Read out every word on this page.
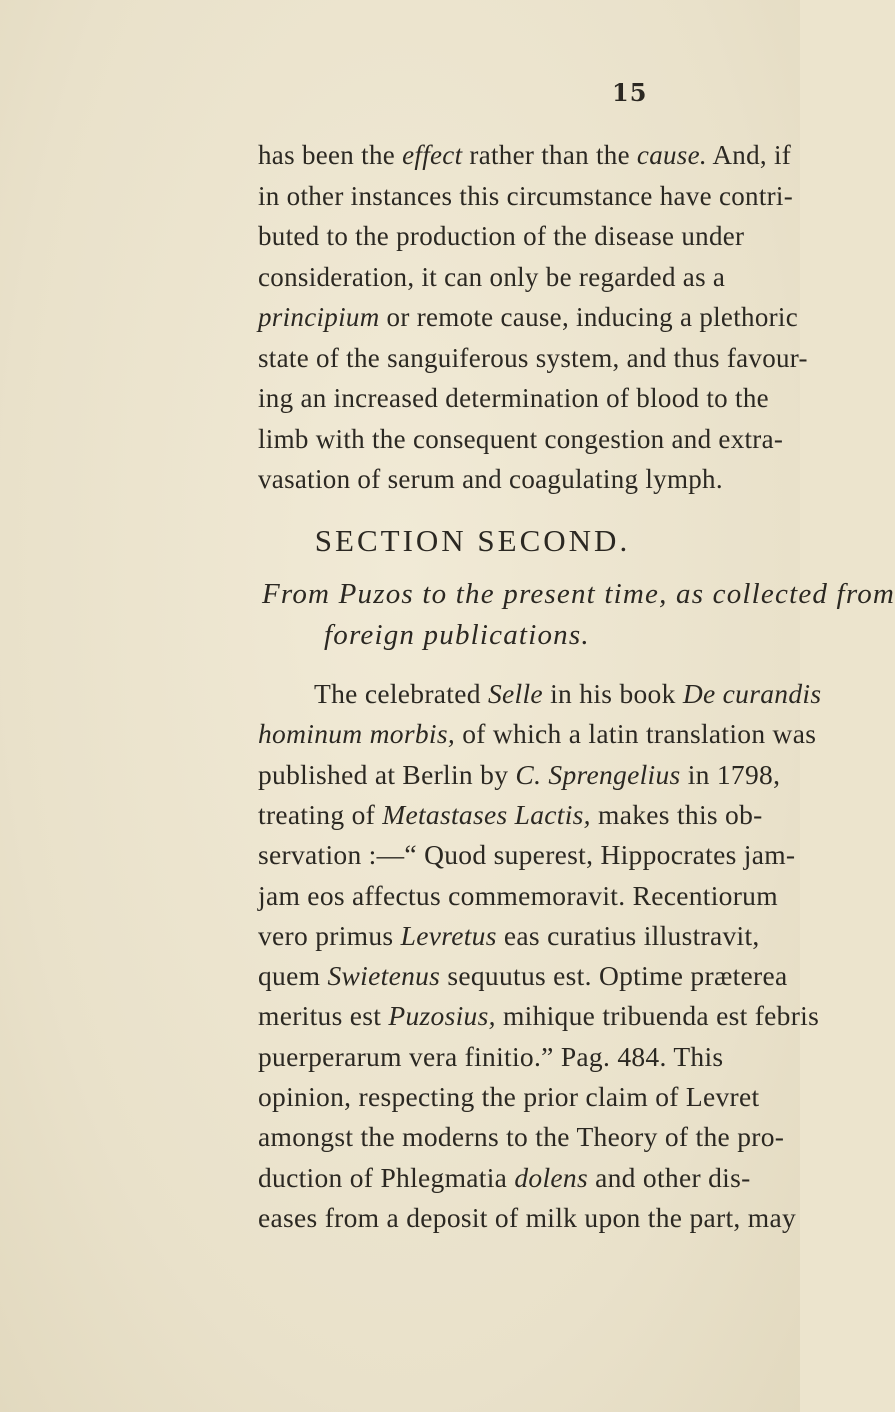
15
has been the effect rather than the cause. And, if
in other instances this circumstance have contri-
buted to the production of the disease under
consideration, it can only be regarded as a
principium or remote cause, inducing a plethoric
state of the sanguiferous system, and thus favour-
ing an increased determination of blood to the
limb with the consequent congestion and extra-
vasation of serum and coagulating lymph.
SECTION SECOND.
From Puzos to the present time, as collected from
foreign publications.
The celebrated Selle in his book De curandis
hominum morbis, of which a latin translation was
published at Berlin by C. Sprengelius in 1798,
treating of Metastases Lactis, makes this ob-
servation :—“ Quod superest, Hippocrates jam-
jam eos affectus commemoravit. Recentiorum
vero primus Levretus eas curatius illustravit,
quem Swietenus sequutus est. Optime prӕterea
meritus est Puzosius, mihique tribuenda est febris
puerperarum vera finitio.” Pag. 484. This
opinion, respecting the prior claim of Levret
amongst the moderns to the Theory of the pro-
duction of Phlegmatia dolens and other dis-
eases from a deposit of milk upon the part, may
